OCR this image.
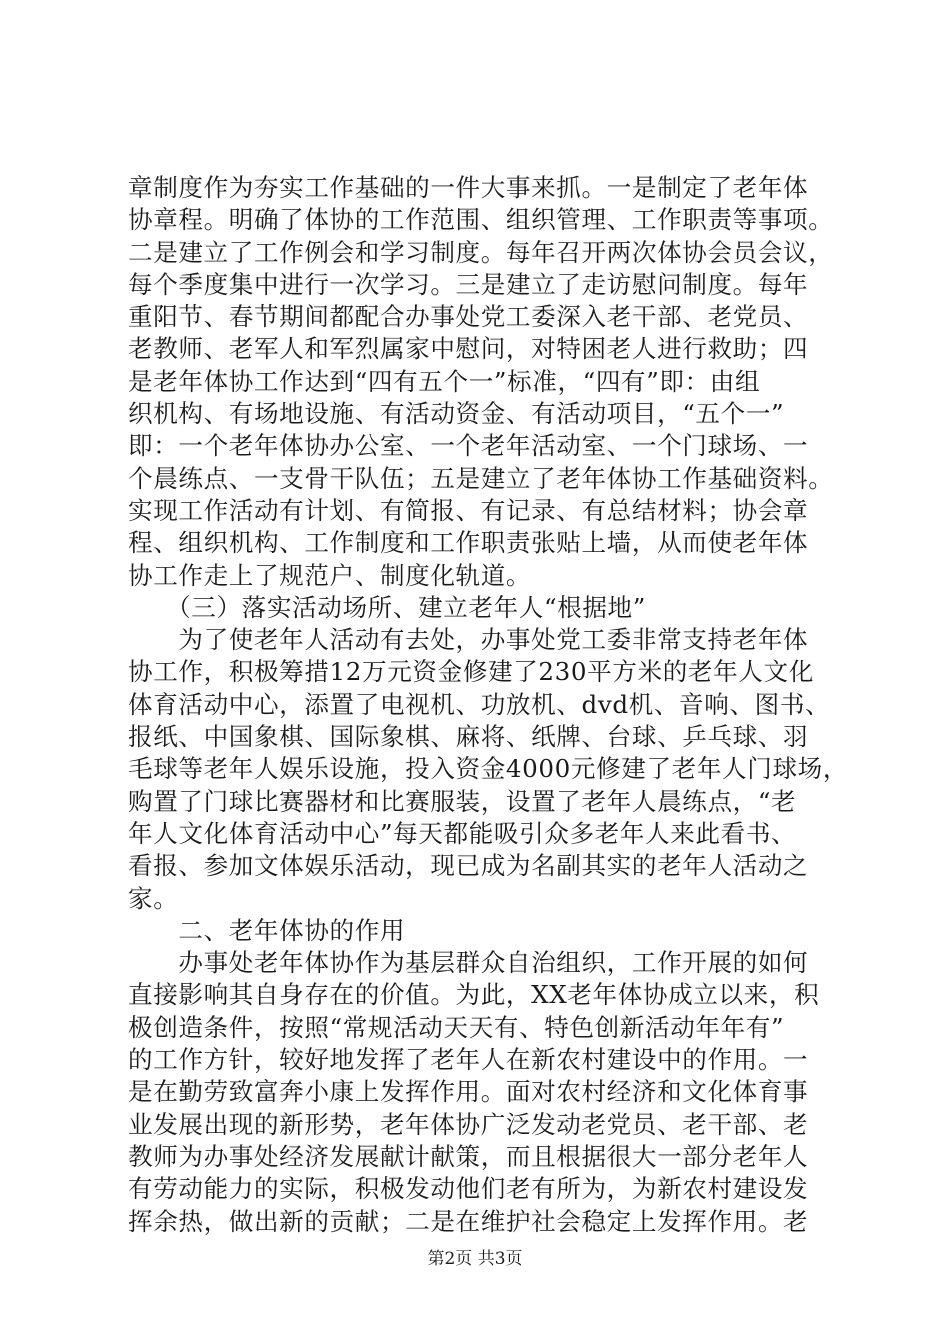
章制度作为夯实工作基础的一件大事来抓。一是制定了老年体
协章程。明确了体协的工作范围、组织管理、工作职责等事项。
二是建立了工作例会和学习制度。每年召开两次体协会员会议，
每个季度集中进行一次学习。三是建立了走访慰问制度。每年
重阳节、春节期间都配合办事处党工委深入老干部、老党员、
老教师、老军人和军烈属家中慰问，对特困老人进行救助；四
是老年体协工作达到“四有五个一”标准，“四有”即：由组
织机构、有场地设施、有活动资金、有活动项目，“五个一”
即：一个老年体协办公室、一个老年活动室、一个门球场、一
个晨练点、一支骨干队伍；五是建立了老年体协工作基础资料。
实现工作活动有计划、有简报、有记录、有总结材料；协会章
程、组织机构、工作制度和工作职责张贴上墙，从而使老年体
协工作走上了规范户、制度化轨道。
　　（三）落实活动场所、建立老年人“根据地”
　　为了使老年人活动有去处，办事处党工委非常支持老年体
协工作，积极筹措12万元资金修建了230平方米的老年人文化
体育活动中心，添置了电视机、功放机、dvd机、音响、图书、
报纸、中国象棋、国际象棋、麻将、纸牌、台球、乒乓球、羽
毛球等老年人娱乐设施，投入资金4000元修建了老年人门球场，
购置了门球比赛器材和比赛服装，设置了老年人晨练点，“老
年人文化体育活动中心”每天都能吸引众多老年人来此看书、
看报、参加文体娱乐活动，现已成为名副其实的老年人活动之
家。
　　二、老年体协的作用
　　办事处老年体协作为基层群众自治组织，工作开展的如何
直接影响其自身存在的价值。为此，XX老年体协成立以来，积
极创造条件，按照“常规活动天天有、特色创新活动年年有”
的工作方针，较好地发挥了老年人在新农村建设中的作用。一
是在勤劳致富奔小康上发挥作用。面对农村经济和文化体育事
业发展出现的新形势，老年体协广泛发动老党员、老干部、老
教师为办事处经济发展献计献策，而且根据很大一部分老年人
有劳动能力的实际，积极发动他们老有所为，为新农村建设发
挥余热，做出新的贡献；二是在维护社会稳定上发挥作用。老
第2页 共3页
